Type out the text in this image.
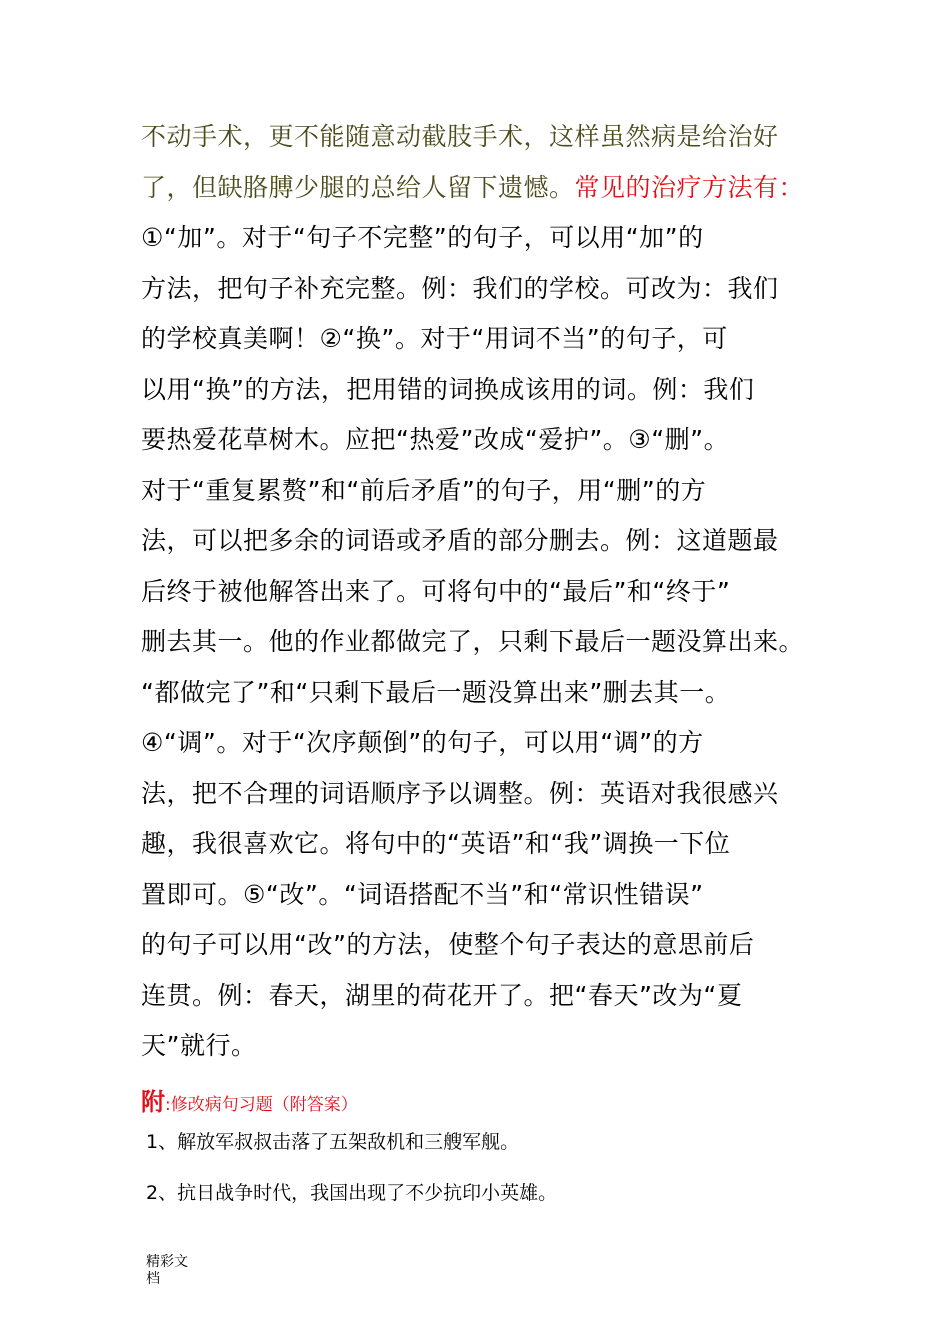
不动手术，更不能随意动截肢手术，这样虽然病是给治好
了，但缺胳膊少腿的总给人留下遗憾。常见的治疗方法有：
①“加”。对于“句子不完整”的句子，可以用“加”的
方法，把句子补充完整。例：我们的学校。可改为：我们
的学校真美啊！②“换”。对于“用词不当”的句子，可
以用“换”的方法，把用错的词换成该用的词。例：我们
要热爱花草树木。应把“热爱”改成“爱护”。③“删”。
对于“重复累赘”和“前后矛盾”的句子，用“删”的方
法，可以把多余的词语或矛盾的部分删去。例：这道题最
后终于被他解答出来了。可将句中的“最后”和“终于”
删去其一。他的作业都做完了，只剩下最后一题没算出来。
“都做完了”和“只剩下最后一题没算出来”删去其一。
④“调”。对于“次序颠倒”的句子，可以用“调”的方
法，把不合理的词语顺序予以调整。例：英语对我很感兴
趣，我很喜欢它。将句中的“英语”和“我”调换一下位
置即可。⑤“改”。“词语搭配不当”和“常识性错误”
的句子可以用“改”的方法，使整个句子表达的意思前后
连贯。例：春天，湖里的荷花开了。把“春天”改为“夏
天”就行。
附:修改病句习题（附答案）
1、解放军叔叔击落了五架敌机和三艘军舰。
2、抗日战争时代，我国出现了不少抗印小英雄。
精彩文档
